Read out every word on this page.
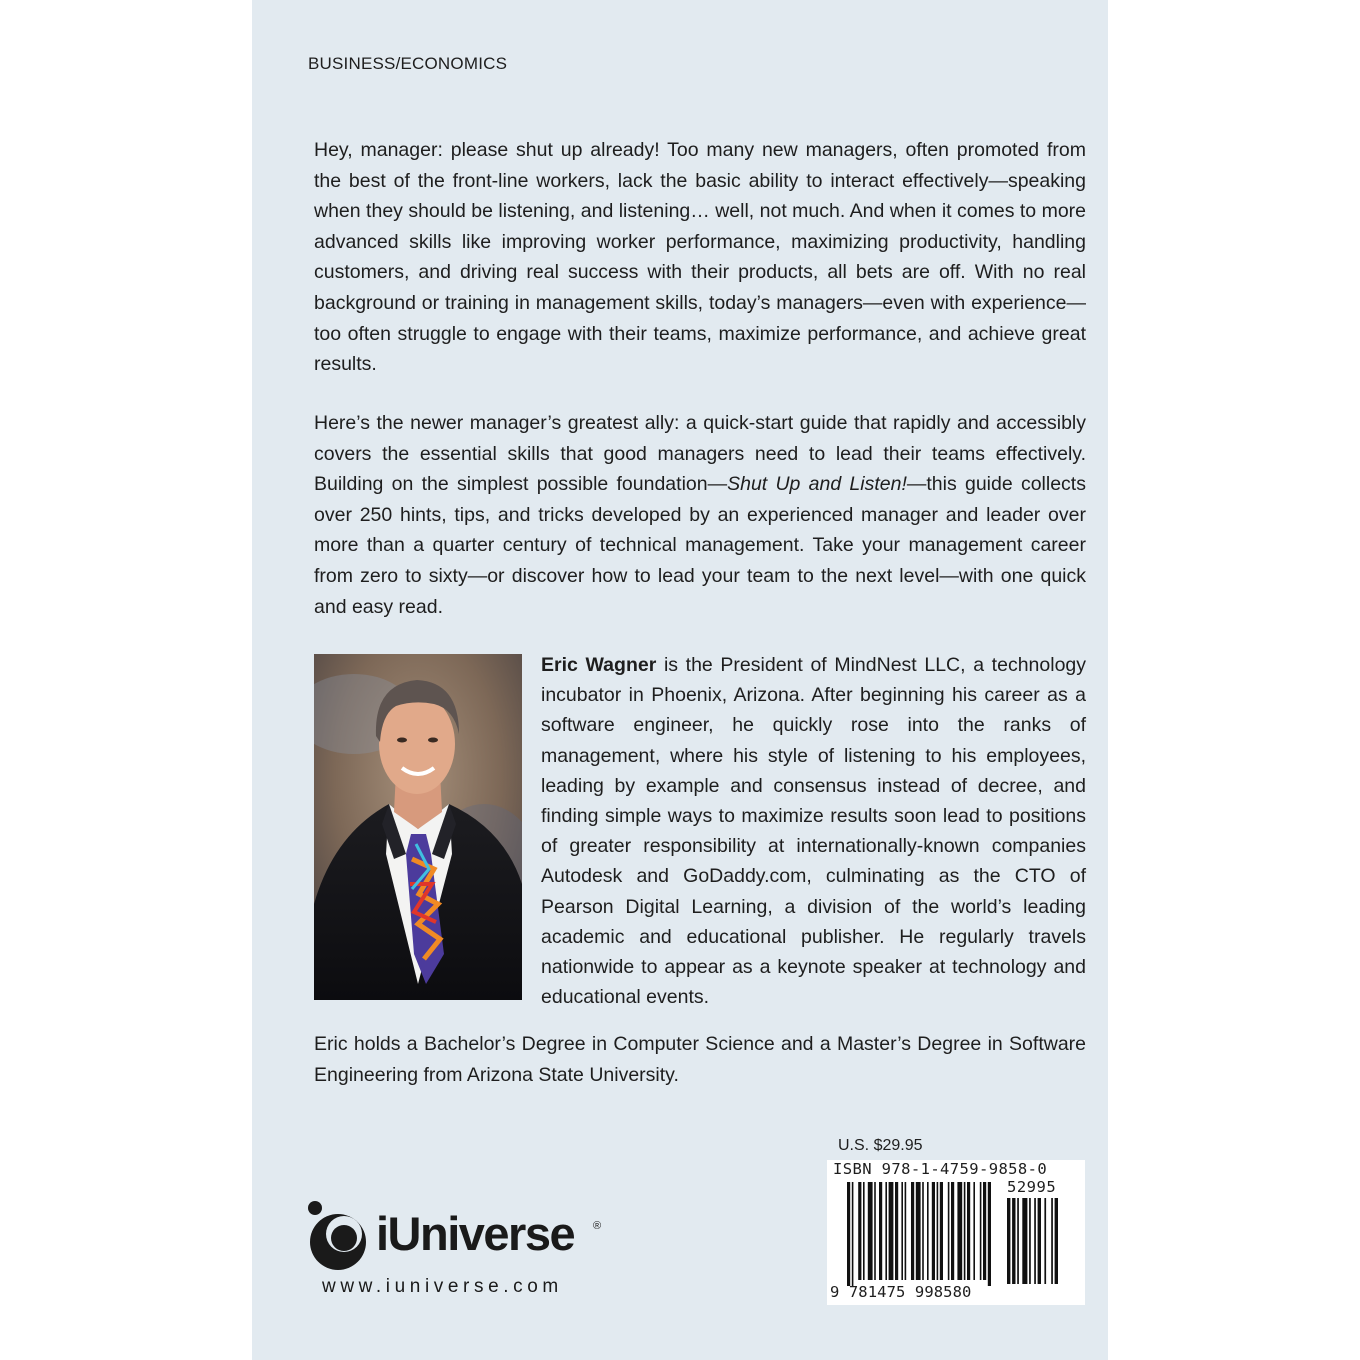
BUSINESS/ECONOMICS

Hey, manager: please shut up already! Too many new managers, often promoted from the best of the front-line workers, lack the basic ability to interact effectively—speaking when they should be listening, and listening… well, not much. And when it comes to more advanced skills like improving worker performance, maximizing productivity, handling customers, and driving real success with their products, all bets are off. With no real background or training in management skills, today’s managers—even with experience—too often struggle to engage with their teams, maximize performance, and achieve great results.

Here’s the newer manager’s greatest ally: a quick-start guide that rapidly and accessibly covers the essential skills that good managers need to lead their teams effectively. Building on the simplest possible foundation—Shut Up and Listen!—this guide collects over 250 hints, tips, and tricks developed by an experienced manager and leader over more than a quarter century of technical management. Take your management career from zero to sixty—or discover how to lead your team to the next level—with one quick and easy read.

Eric Wagner is the President of MindNest LLC, a technology incubator in Phoenix, Arizona. After beginning his career as a software engineer, he quickly rose into the ranks of management, where his style of listening to his employees, leading by example and consensus instead of decree, and finding simple ways to maximize results soon lead to positions of greater responsibility at internationally-known companies Autodesk and GoDaddy.com, culminating as the CTO of Pearson Digital Learning, a division of the world’s leading academic and educational publisher. He regularly travels nationwide to appear as a keynote speaker at technology and educational events.

Eric holds a Bachelor’s Degree in Computer Science and a Master’s Degree in Software Engineering from Arizona State University.

U.S. $29.95
ISBN 978-1-4759-9858-0
52995
9 781475 998580
iUniverse ®
www.iuniverse.com
